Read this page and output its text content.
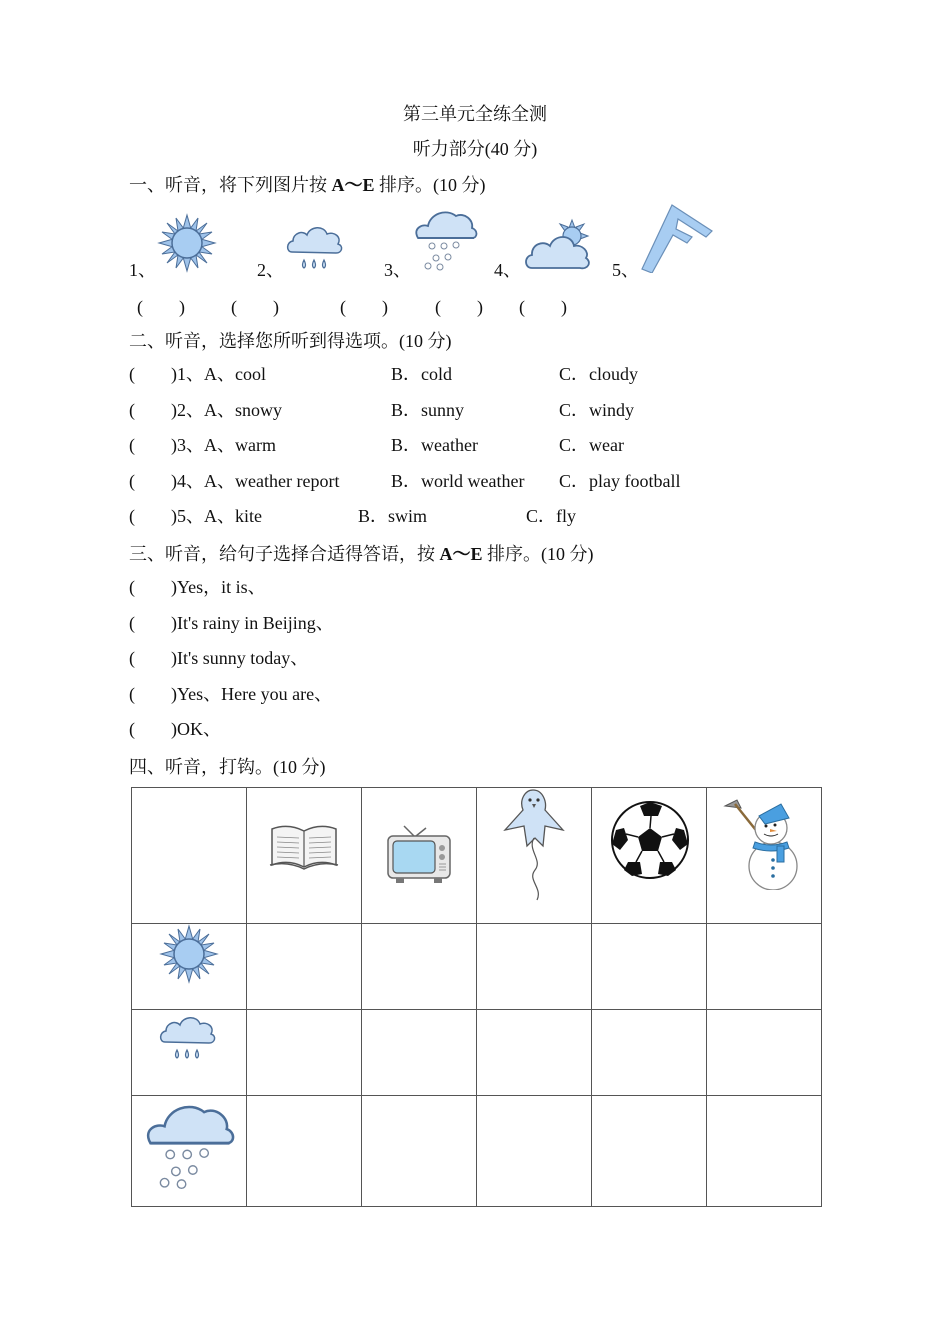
第三单元全练全测
听力部分(40 分)
一、听音，将下列图片按 A～E 排序。(10 分)
1、	2、	3、	4、	5、
(　　)	(　　)	(　　)	(　　) (　　)
二、听音，选择您所听到得选项。(10 分)
(　　)1、A、cool	B．cold	C．cloudy
(　　)2、A、snowy	B．sunny	C．windy
(　　)3、A、warm	B．weather	C．wear
(　　)4、A、weather report	B．world weather C．play football
(　　)5、A、kite	B．swim	C．fly
三、听音，给句子选择合适得答语，按 A～E 排序。(10 分)
(　　)Yes，it is、
(　　)It's rainy in Beijing、
(　　)It's sunny today、
(　　)Yes、Here you are、
(　　)OK、
四、听音，打钩。(10 分)
